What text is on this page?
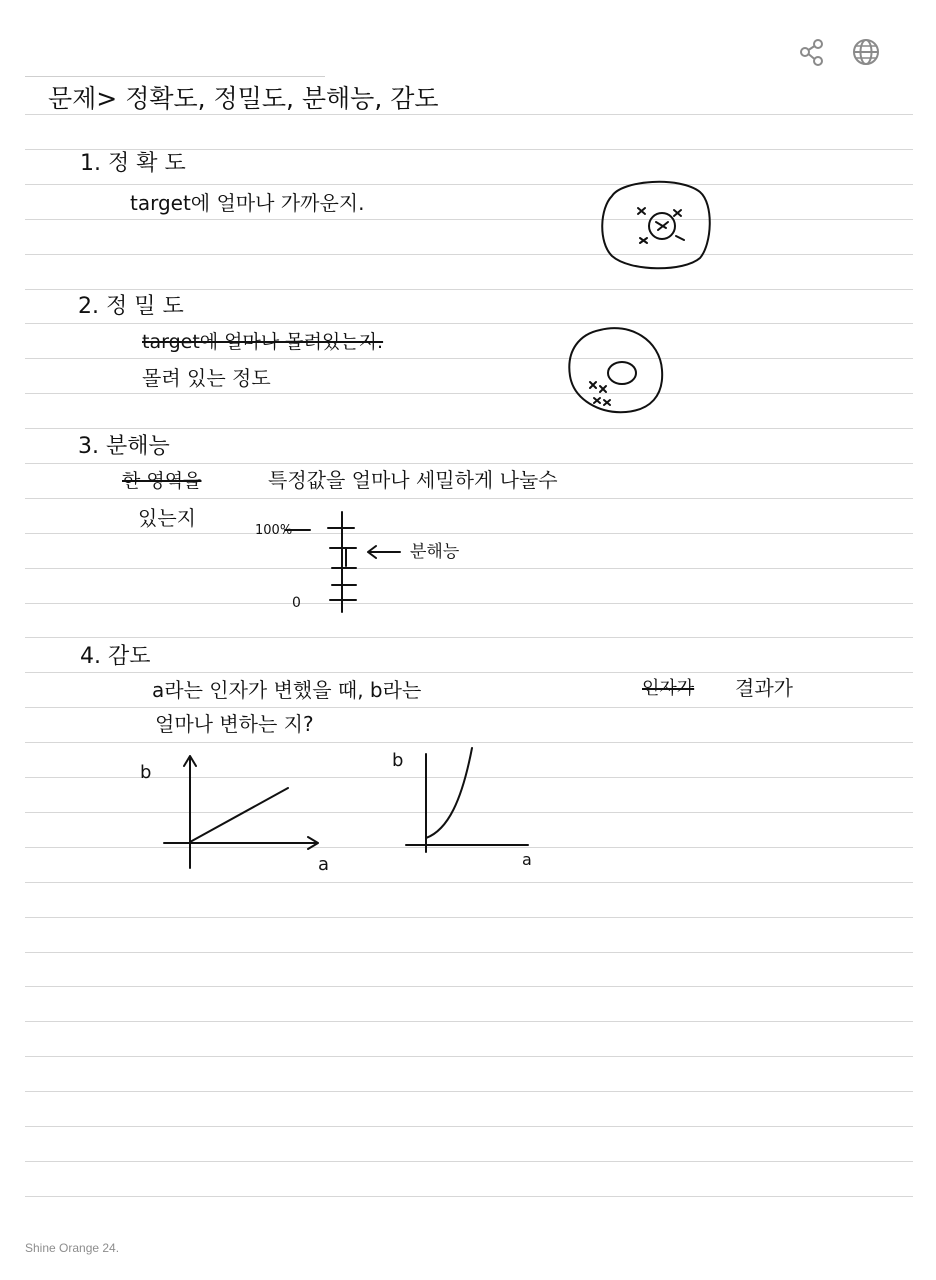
문제> 정확도, 정밀도, 분해능, 감도
1. 정 확 도
target에 얼마나 가까운지.
2. 정 밀 도
target에 얼마나 몰려있는지.
몰려 있는 정도
3. 분해능
한 영역을	특정값을 얼마나 세밀하게 나눌수
있는지
100%
0
분해능
4. 감도
a라는 인자가 변했을 때, b라는	인자가 결과가
얼마나 변하는 지?
b
a
b
a
Shine Orange 24.
